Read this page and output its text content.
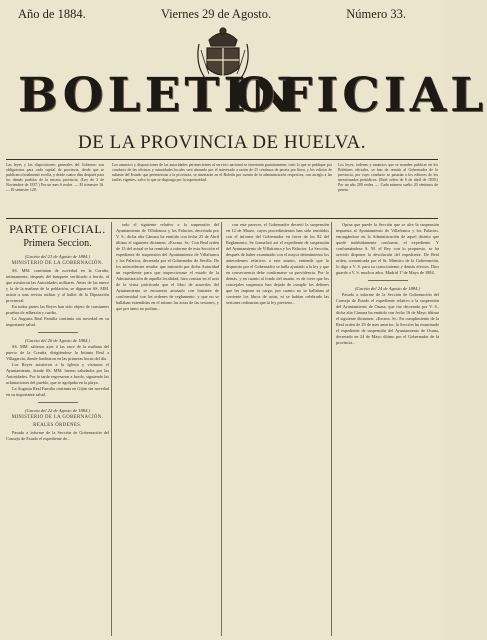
Año de 1884.	Viernes 29 de Agosto.	Número 33.
BOLETIN
OFICIAL
DE LA PROVINCIA DE HUELVA.
Las leyes y las disposiciones generales del Gobierno son obligatorias para cada capital de provincia, desde que se publican oficialmente en ella, y desde cuatro días después para los demás pueblos de la misma provincia. (Ley de 3 de Noviembre de 1837.) Por un mes 6 reales. — El trimestre 16. — El semestre 128.
Los anuncios y disposiciones de las autoridades pertenecientes al servicio nacional se insertarán gratuitamente; todo lo que se publique por conducto de las oficinas y autoridades locales será abonado por el interesado a razón de 25 céntimos de peseta por línea, y los edictos de subasta del Estado que pertenezcan a la provincia, se insertarán en el Boletín por cuenta de la administración respectiva, con arreglo a las tarifas vigentes, salvo lo que se disponga por la superioridad.
Los leyes, órdenes y anuncios que se manden publicar en los Boletines oficiales, se han de remitir al Gobernador de la provincia, por cuyo conducto se pasarán a los editores de los mencionados periódicos. (Real orden de 6 de abril de 1839.) Por un año 200 reales. — Cada número suelto 20 céntimos de peseta.
PARTE OFICIAL.
Primera Seccion.
(Gaceta del 23 de Agosto de 1884.)
MINISTERIO DE LA GOBERNACIÓN.

SS. MM. continúan de novedad en la Coruña, intimamente, después del banquete verificado a bordo, al que asistieron las Autoridades militares. Antes de las nueve y la de la mañana de la población, se dignaron SS. MM. asistir a una revista militar y al ballet de la Diputación provincial.

En todos partes las Reyes han sido objeto de constantes pruebas de adhesión y cariño.

La Augusta Real Familia continúa sin novedad en su importante salud.

(Gaceta del 26 de Agosto de 1884.)

SS. MM. salieron ayer á las once de la mañana del puerto de la Coruña, dirigiéndose la Infanta Real a Villagarcía, donde fondearon en las primeras horas del día.

Los Reyes asistieron a la Iglesia y visitaron el Ayuntamiento, donde SS. MM. fueron saludados por las Autoridades. Por la tarde regresaron a bordo, siguiendo las aclamaciones del pueblo, que se agolpaba en la playa.

La Augusta Real Familia continúa en Gijón sin novedad en su importante salud.

(Gaceta del 22 de Agosto de 1884.)
MINISTERIO DE LA GOBERNACIÓN.
REALES ÓRDENES.

Pasado a informe de la Sección de Gobernación del Consejo de Estado el expediente de...

tado el siguiente relativo a la suspensión del Ayuntamiento de Villafranca y los Palacios, decretada por V. S., dicha alta Cámara ha emitido con fecha 25 de Abril último el siguiente dictamen: «Excmo. Sr.: Con Real orden de 15 del actual se ha remitido a informe de esta Sección el expediente de suspensión del Ayuntamiento de Villafranca y los Palacios, decretada por el Gobernador de Sevilla. De los antecedentes resulta: que instruido por dicha Autoridad un expediente para que inspeccionase el estado de la Administración de aquella localidad, hizo constar en el acto de la visita prácticada que el libro de acuerdos del Ayuntamiento se encuentra atrasado con bastante de conformidad con las ordenes de reglamento, y que no se hallaban extendidas en el mismo las actas de las sesiones, y que por tanto no podian...

con este parecer, el Gobernador decretó la suspensión en 12 de Marzo, cuyos procedimientos han sido remitidos con el informe del Gobernador en favor de los 82 del Reglamento. Se formalizó así el expediente de suspensión del Ayuntamiento de Villafranca y los Palacios. La Sección, después de haber examinado con el mayor detenimiento los antecedentes relativos a este asunto, entiende que lo dispuesto por el Gobernador se halla ajustado a la ley y que en consecuencia debe confirmarse su providencia. Por lo demás, y en cuanto al fondo del asunto, es de creer que los concejales suspensos han dejado de cumplir los deberes que les impone su cargo, por cuanto no se hallaban al corriente los libros de actas, ni se habían celebrado las sesiones ordinarias que la ley previene...

Opina que puede la Sección que se alce la suspensión impuesta al Ayuntamiento de Villafranca y los Palacios, encargándose en la Administración de aquel distrito que quede indebidamente conforme, el expediente. Y conformándose S. M. el Rey con lo propuesto, se ha servido disponer la devolución del expediente. De Real orden, comunicada por el Sr. Ministro de la Gobernación, lo digo a V. S. para su conocimiento y demás efectos. Dios guarde a V. S. muchos años. Madrid 1º de Mayo de 1884.

(Gaceta del 24 de Agosto de 1884.)

Pasado a informe de la Sección de Gobernación del Consejo de Estado el expediente relativo a la suspensión del Ayuntamiento de Osuna, que fue decretada por V. S., dicha alta Cámara ha emitido con fecha 16 de Mayo último el siguiente dictamen: «Excmo. Sr.: En cumplimiento de la Real orden de 29 de mes anterior, la Sección ha examinado el expediente de suspensión del Ayuntamiento de Osuna, decretado en 24 de Mayo último por el Gobernador de la provincia...
